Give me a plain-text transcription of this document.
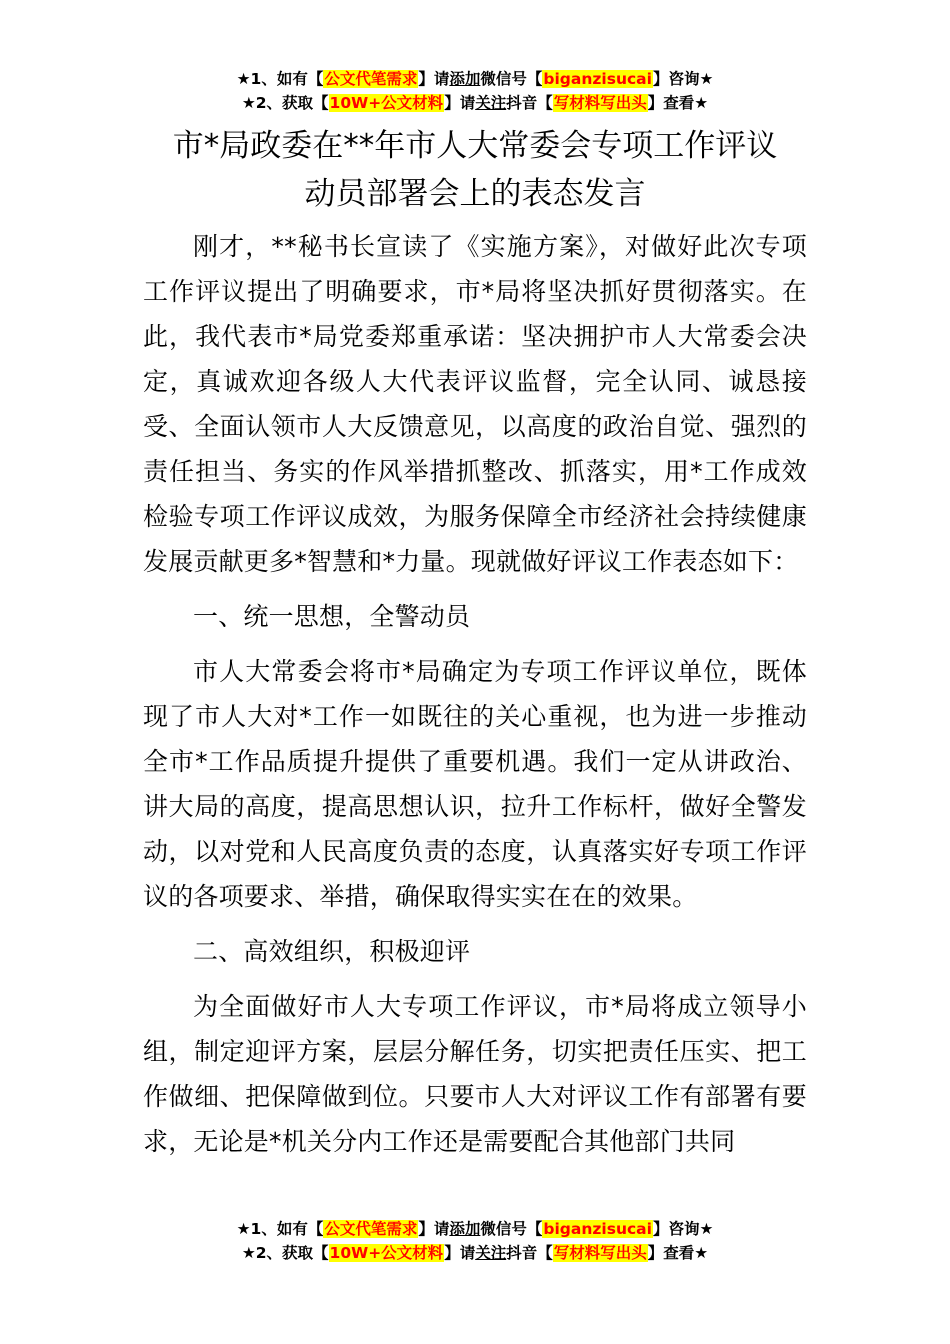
★1、如有【公文代笔需求】请添加微信号【biganzisucai】咨询★
★2、获取【10W+公文材料】请关注抖音【写材料写出头】查看★
市*局政委在**年市人大常委会专项工作评议
动员部署会上的表态发言

刚才，**秘书长宣读了《实施方案》，对做好此次专项工作评议提出了明确要求，市*局将坚决抓好贯彻落实。在此，我代表市*局党委郑重承诺：坚决拥护市人大常委会决定，真诚欢迎各级人大代表评议监督，完全认同、诚恳接受、全面认领市人大反馈意见，以高度的政治自觉、强烈的责任担当、务实的作风举措抓整改、抓落实，用*工作成效检验专项工作评议成效，为服务保障全市经济社会持续健康发展贡献更多*智慧和*力量。现就做好评议工作表态如下：

一、统一思想，全警动员

市人大常委会将市*局确定为专项工作评议单位，既体现了市人大对*工作一如既往的关心重视，也为进一步推动全市*工作品质提升提供了重要机遇。我们一定从讲政治、讲大局的高度，提高思想认识，拉升工作标杆，做好全警发动，以对党和人民高度负责的态度，认真落实好专项工作评议的各项要求、举措，确保取得实实在在的效果。

二、高效组织，积极迎评

为全面做好市人大专项工作评议，市*局将成立领导小组，制定迎评方案，层层分解任务，切实把责任压实、把工作做细、把保障做到位。只要市人大对评议工作有部署有要求，无论是*机关分内工作还是需要配合其他部门共同

★1、如有【公文代笔需求】请添加微信号【biganzisucai】咨询★
★2、获取【10W+公文材料】请关注抖音【写材料写出头】查看★
